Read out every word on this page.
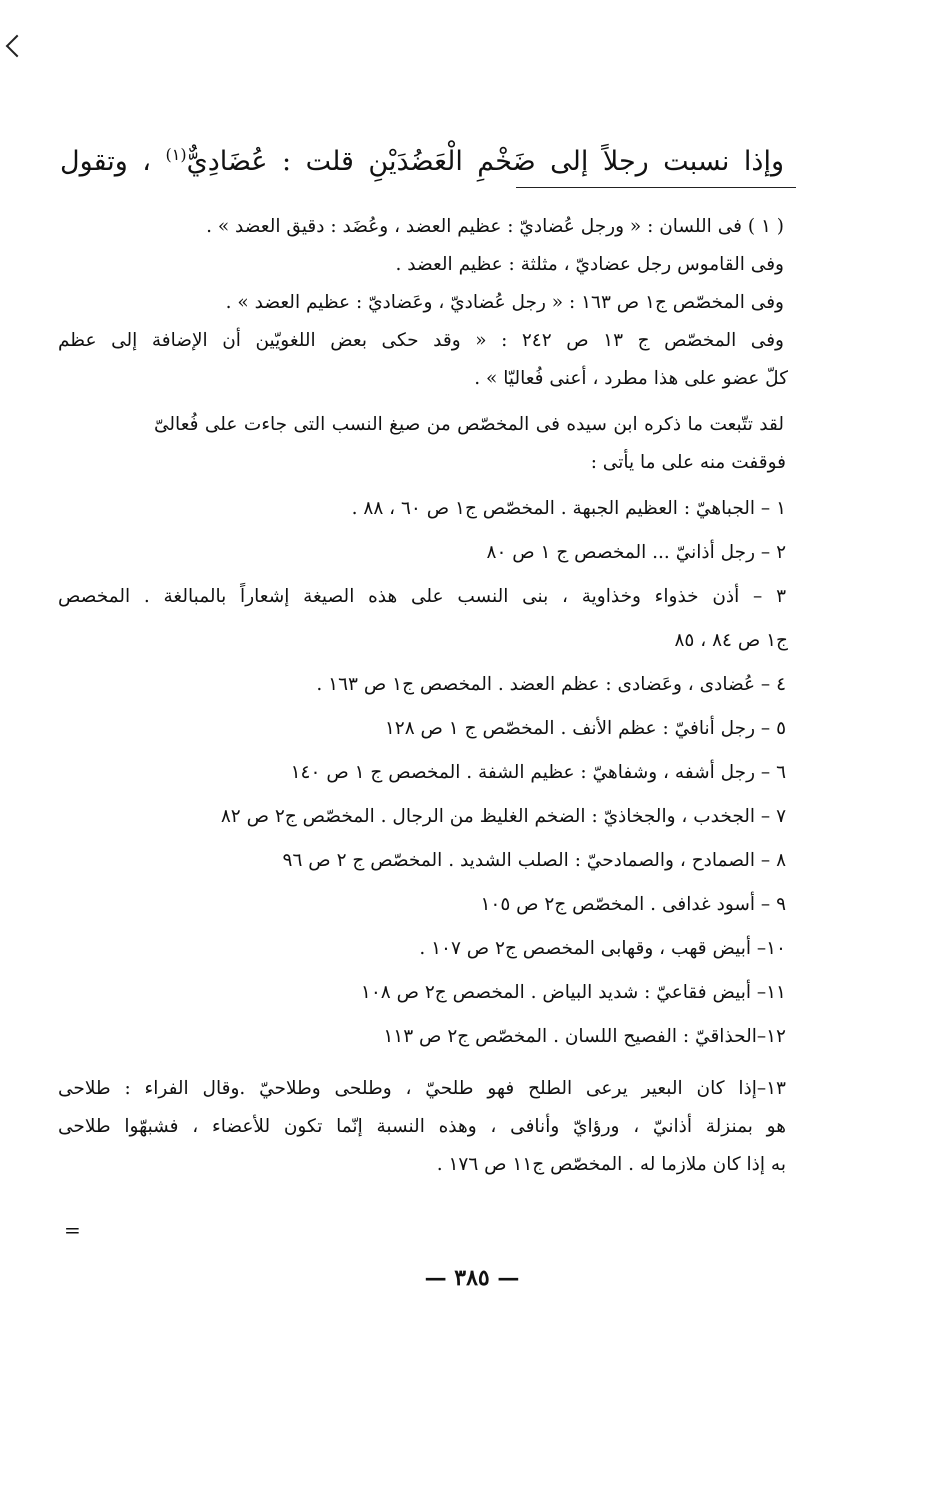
وإذا نسبت رجلاً إلى ضَخْمِ الْعَضُدَيْنِ قلت : عُضَادِيٌّ$^{(١)}$ ، وتقول
( ١ ) فى اللسان : « ورجل عُضاديّ : عظيم العضد ، وعُضَد : دقيق العضد » .
وفى القاموس رجل عضاديّ ، مثلثة : عظيم العضد .
وفى المخصّص ج١ ص ١٦٣ : « رجل عُضاديّ ، وعَضاديّ : عظيم العضد » .
وفى المخصّص ج ١٣ ص ٢٤٢ : « وقد حكى بعض اللغويّين أن الإضافة إلى عظم
كلّ عضو على هذا مطرد ، أعنى فُعاليّا » .
لقد تتّبعت ما ذكره ابن سيده فى المخصّص من صيغ النسب التى جاءت على فُعالىّ
فوقفت منه على ما يأتى :
١ – الجباهيّ : العظيم الجبهة . المخصّص ج١ ص ٦٠ ، ٨٨ .
٢ – رجل أذانيّ ... المخصص ج ١ ص ٨٠
٣ – أذن خذواء وخذاوية ، بنى النسب على هذه الصيغة إشعاراً بالمبالغة . المخصص
ج١ ص ٨٤ ، ٨٥
٤ – عُضادى ، وعَضادى : عظم العضد . المخصص ج١ ص ١٦٣ .
٥ – رجل أنافيّ : عظم الأنف . المخصّص ج ١ ص ١٢٨
٦ – رجل أشفه ، وشفاهيّ : عظيم الشفة . المخصص ج ١ ص ١٤٠
٧ – الجخدب ، والجخاذيّ : الضخم الغليظ من الرجال . المخصّص ج٢ ص ٨٢
٨ – الصمادح ، والصمادحيّ : الصلب الشديد . المخصّص ج ٢ ص ٩٦
٩ – أسود غدافى . المخصّص ج٢ ص ١٠٥
١٠– أبيض قهب ، وقهابى المخصص ج٢ ص ١٠٧ .
١١– أبيض فقاعيّ : شديد البياض . المخصص ج٢ ص ١٠٨
١٢–الحذاقيّ : الفصيح اللسان . المخصّص ج٢ ص ١١٣
١٣–إذا كان البعير يرعى الطلح فهو طلحيّ ، وطلحى وطلاحيّ .وقال الفراء : طلاحى
هو بمنزلة أذانيّ ، ورؤايّ وأنافى ، وهذه النسبة إنّما تكون للأعضاء ، فشبهّوا طلاحى
به إذا كان ملازما له . المخصّص ج١١ ص ١٧٦ .
=
— ٣٨٥ —
